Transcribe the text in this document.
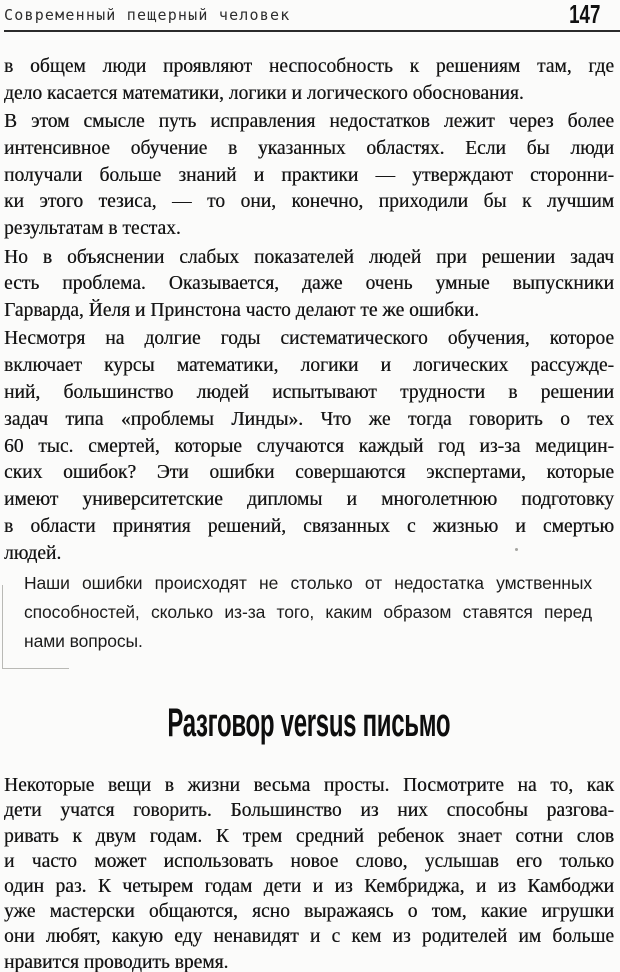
Современный пещерный человек	147
в общем люди проявляют неспособность к решениям там, где
дело касается математики, логики и логического обоснования.
В этом смысле путь исправления недостатков лежит через более
интенсивное обучение в указанных областях. Если бы люди
получали больше знаний и практики — утверждают сторонни-
ки этого тезиса, — то они, конечно, приходили бы к лучшим
результатам в тестах.
Но в объяснении слабых показателей людей при решении задач
есть проблема. Оказывается, даже очень умные выпускники
Гарварда, Йеля и Принстона часто делают те же ошибки.
Несмотря на долгие годы систематического обучения, которое
включает курсы математики, логики и логических рассужде-
ний, большинство людей испытывают трудности в решении
задач типа «проблемы Линды». Что же тогда говорить о тех
60 тыс. смертей, которые случаются каждый год из-за медицин-
ских ошибок? Эти ошибки совершаются экспертами, которые
имеют университетские дипломы и многолетнюю подготовку
в области принятия решений, связанных с жизнью и смертью
людей.
Наши ошибки происходят не столько от недостатка умственных
способностей, сколько из-за того, каким образом ставятся перед
нами вопросы.
Разговор versus письмо
Некоторые вещи в жизни весьма просты. Посмотрите на то, как
дети учатся говорить. Большинство из них способны разгова-
ривать к двум годам. К трем средний ребенок знает сотни слов
и часто может использовать новое слово, услышав его только
один раз. К четырем годам дети и из Кембриджа, и из Камбоджи
уже мастерски общаются, ясно выражаясь о том, какие игрушки
они любят, какую еду ненавидят и с кем из родителей им больше
нравится проводить время.
